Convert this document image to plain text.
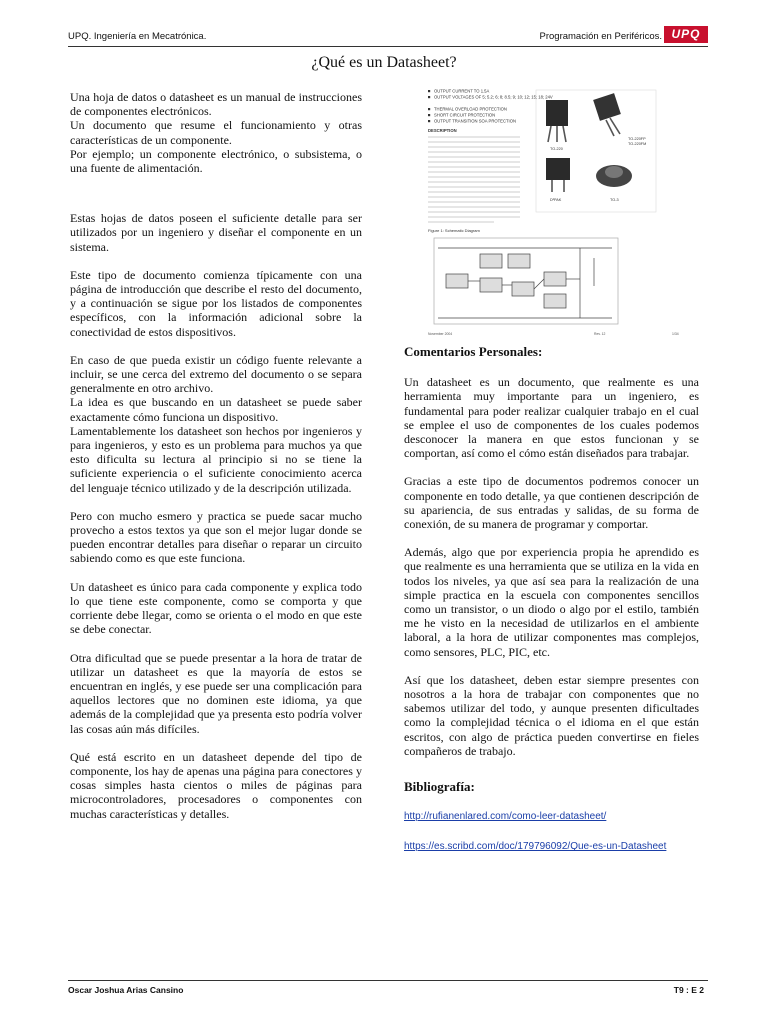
UPQ. Ingeniería en Mecatrónica.	Programación en Periféricos. UPQ
¿Qué es un Datasheet?

Una hoja de datos o datasheet es un manual de instrucciones de componentes electrónicos.

Un documento que resume el funcionamiento y otras características de un componente.

Por ejemplo; un componente electrónico, o subsistema, o una fuente de alimentación.

Estas hojas de datos poseen el suficiente detalle para ser utilizados por un ingeniero y diseñar el componente en un sistema.

Este tipo de documento comienza típicamente con una página de introducción que describe el resto del documento, y a continuación se sigue por los listados de componentes específicos, con la información adicional sobre la conectividad de estos dispositivos.

En caso de que pueda existir un código fuente relevante a incluir, se une cerca del extremo del documento o se separa generalmente en otro archivo.

La idea es que buscando en un datasheet se puede saber exactamente cómo funciona un dispositivo.

Lamentablemente los datasheet son hechos por ingenieros y para ingenieros, y esto es un problema para muchos ya que esto dificulta su lectura al principio si no se tiene la suficiente experiencia o el suficiente conocimiento acerca del lenguaje técnico utilizado y de la descripción utilizada.

Pero con mucho esmero y practica se puede sacar mucho provecho a estos textos ya que son el mejor lugar donde se pueden encontrar detalles para diseñar o reparar un circuito sabiendo como es que este funciona.

Un datasheet es único para cada componente y explica todo lo que tiene este componente, como se comporta y que corriente debe llegar, como se orienta o el modo en que este se debe conectar.

Otra dificultad que se puede presentar a la hora de tratar de utilizar un datasheet es que la mayoría de estos se encuentran en inglés, y ese puede ser una complicación para aquellos lectores que no dominen este idioma, ya que además de la complejidad que ya presenta esto podría volver las cosas aún más difíciles.

Qué está escrito en un datasheet depende del tipo de componente, los hay de apenas una página para conectores y cosas simples hasta cientos o miles de páginas para microcontroladores, procesadores o componentes con muchas características y detalles.

OUTPUT CURRENT TO 1.5A
OUTPUT VOLTAGES OF 5; 5.2; 6; 8; 8.5; 9; 10; 12; 15; 18; 24V
THERMAL OVERLOAD PROTECTION
SHORT CIRCUIT PROTECTION
OUTPUT TRANSITION SOA PROTECTION
DESCRIPTION
TO-220
TO-220FP
TO-220FM
D²PAK	TO-3
Figure 1: Schematic Diagram
November 2004	Rev. 12	1/34

Comentarios Personales:

Un datasheet es un documento, que realmente es una herramienta muy importante para un ingeniero, es fundamental para poder realizar cualquier trabajo en el cual se emplee el uso de componentes de los cuales podemos desconocer la manera en que estos funcionan y se comportan, así como el cómo están diseñados para trabajar.

Gracias a este tipo de documentos podremos conocer un componente en todo detalle, ya que contienen descripción de su apariencia, de sus entradas y salidas, de su forma de conexión, de su manera de programar y comportar.

Además, algo que por experiencia propia he aprendido es que realmente es una herramienta que se utiliza en la vida en todos los niveles, ya que así sea para la realización de una simple practica en la escuela con componentes sencillos como un transistor, o un diodo o algo por el estilo, también me he visto en la necesidad de utilizarlos en el ambiente laboral, a la hora de utilizar componentes mas complejos, como sensores, PLC, PIC, etc.

Así que los datasheet, deben estar siempre presentes con nosotros a la hora de trabajar con componentes que no sabemos utilizar del todo, y aunque presenten dificultades como la complejidad técnica o el idioma en el que están escritos, con algo de práctica pueden convertirse en fieles compañeros de trabajo.

Bibliografía:

http://rufianenlared.com/como-leer-datasheet/
https://es.scribd.com/doc/179796092/Que-es-un-Datasheet
Oscar Joshua Arias Cansino	T9 : E 2
